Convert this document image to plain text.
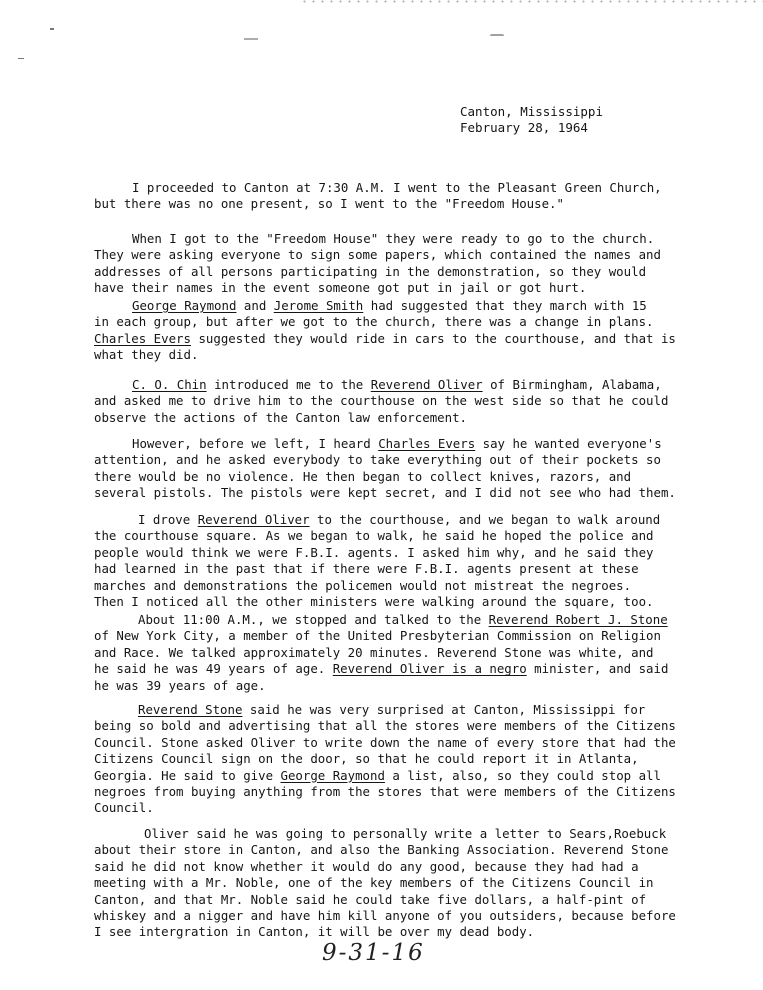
Canton, Mississippi
February 28, 1964
I proceeded to Canton at 7:30 A.M. I went to the Pleasant Green Church,
but there was no one present, so I went to the "Freedom House."
When I got to the "Freedom House" they were ready to go to the church.
They were asking everyone to sign some papers, which contained the names and
addresses of all persons participating in the demonstration, so they would
have their names in the event someone got put in jail or got hurt.
George Raymond and Jerome Smith had suggested that they march with 15
in each group, but after we got to the church, there was a change in plans.
Charles Evers suggested they would ride in cars to the courthouse, and that is
what they did.
C. O. Chin introduced me to the Reverend Oliver of Birmingham, Alabama,
and asked me to drive him to the courthouse on the west side so that he could
observe the actions of the Canton law enforcement.
However, before we left, I heard Charles Evers say he wanted everyone's
attention, and he asked everybody to take everything out of their pockets so
there would be no violence. He then began to collect knives, razors, and
several pistols. The pistols were kept secret, and I did not see who had them.
I drove Reverend Oliver to the courthouse, and we began to walk around
the courthouse square. As we began to walk, he said he hoped the police and
people would think we were F.B.I. agents. I asked him why, and he said they
had learned in the past that if there were F.B.I. agents present at these
marches and demonstrations the policemen would not mistreat the negroes.
Then I noticed all the other ministers were walking around the square, too.
About 11:00 A.M., we stopped and talked to the Reverend Robert J. Stone
of New York City, a member of the United Presbyterian Commission on Religion
and Race. We talked approximately 20 minutes. Reverend Stone was white, and
he said he was 49 years of age. Reverend Oliver is a negro minister, and said
he was 39 years of age.
Reverend Stone said he was very surprised at Canton, Mississippi for
being so bold and advertising that all the stores were members of the Citizens
Council. Stone asked Oliver to write down the name of every store that had the
Citizens Council sign on the door, so that he could report it in Atlanta,
Georgia. He said to give George Raymond a list, also, so they could stop all
negroes from buying anything from the stores that were members of the Citizens
Council.
Oliver said he was going to personally write a letter to Sears,Roebuck
about their store in Canton, and also the Banking Association. Reverend Stone
said he did not know whether it would do any good, because they had had a
meeting with a Mr. Noble, one of the key members of the Citizens Council in
Canton, and that Mr. Noble said he could take five dollars, a half-pint of
whiskey and a nigger and have him kill anyone of you outsiders, because before
I see intergration in Canton, it will be over my dead body.
9-31-16
